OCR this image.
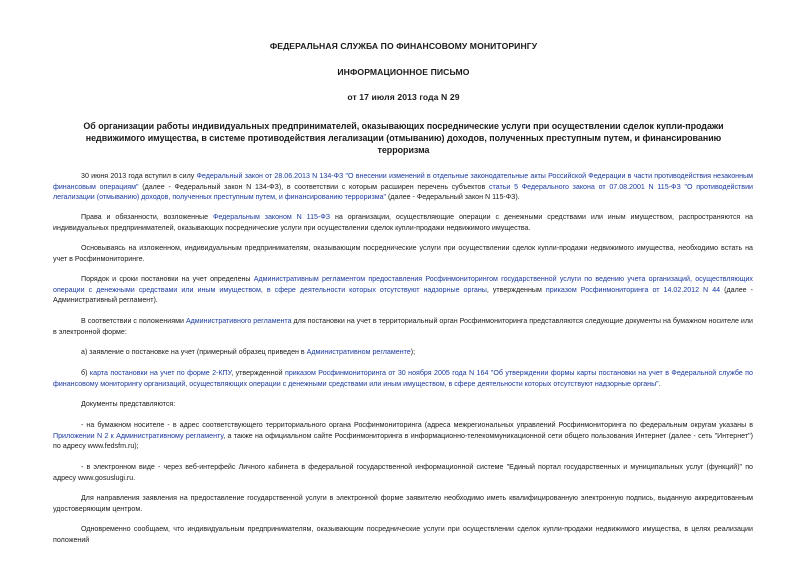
ФЕДЕРАЛЬНАЯ СЛУЖБА ПО ФИНАНСОВОМУ МОНИТОРИНГУ
ИНФОРМАЦИОННОЕ ПИСЬМО
от 17 июля 2013 года N 29
Об организации работы индивидуальных предпринимателей, оказывающих посреднические услуги при осуществлении сделок купли-продажи недвижимого имущества, в системе противодействия легализации (отмыванию) доходов, полученных преступным путем, и финансированию терроризма

30 июня 2013 года вступил в силу Федеральный закон от 28.06.2013 N 134-ФЗ "О внесении изменений в отдельные законодательные акты Российской Федерации в части противодействия незаконным финансовым операциям" (далее - Федеральный закон N 134-ФЗ), в соответствии с которым расширен перечень субъектов статьи 5 Федерального закона от 07.08.2001 N 115-ФЗ "О противодействии легализации (отмыванию) доходов, полученных преступным путем, и финансированию терроризма" (далее - Федеральный закон N 115-ФЗ).

Права и обязанности, возложенные Федеральным законом N 115-ФЗ на организации, осуществляющие операции с денежными средствами или иным имуществом, распространяются на индивидуальных предпринимателей, оказывающих посреднические услуги при осуществлении сделок купли-продажи недвижимого имущества.

Основываясь на изложенном, индивидуальным предпринимателям, оказывающим посреднические услуги при осуществлении сделок купли-продажи недвижимого имущества, необходимо встать на учет в Росфинмониторинге.

Порядок и сроки постановки на учет определены Административным регламентом предоставления Росфинмониторингом государственной услуги по ведению учета организаций, осуществляющих операции с денежными средствами или иным имуществом, в сфере деятельности которых отсутствуют надзорные органы, утвержденным приказом Росфинмониторинга от 14.02.2012 N 44 (далее - Административный регламент).

В соответствии с положениями Административного регламента для постановки на учет в территориальный орган Росфинмониторинга представляются следующие документы на бумажном носителе или в электронной форме:

а) заявление о постановке на учет (примерный образец приведен в Административном регламенте);

б) карта постановки на учет по форме 2-КПУ, утвержденной приказом Росфинмониторинга от 30 ноября 2005 года N 164 "Об утверждении формы карты постановки на учет в Федеральной службе по финансовому мониторингу организаций, осуществляющих операции с денежными средствами или иным имуществом, в сфере деятельности которых отсутствуют надзорные органы".

Документы представляются:

- на бумажном носителе - в адрес соответствующего территориального органа Росфинмониторинга (адреса межрегиональных управлений Росфинмониторинга по федеральным округам указаны в Приложении N 2 к Административному регламенту, а также на официальном сайте Росфинмониторинга в информационно-телекоммуникационной сети общего пользования Интернет (далее - сеть "Интернет") по адресу www.fedsfm.ru);

- в электронном виде - через веб-интерфейс Личного кабинета в федеральной государственной информационной системе "Единый портал государственных и муниципальных услуг (функций)" по адресу www.gosuslugi.ru.

Для направления заявления на предоставление государственной услуги в электронной форме заявителю необходимо иметь квалифицированную электронную подпись, выданную аккредитованным удостоверяющим центром.

Одновременно сообщаем, что индивидуальным предпринимателям, оказывающим посреднические услуги при осуществлении сделок купли-продажи недвижимого имущества, в целях реализации положений
